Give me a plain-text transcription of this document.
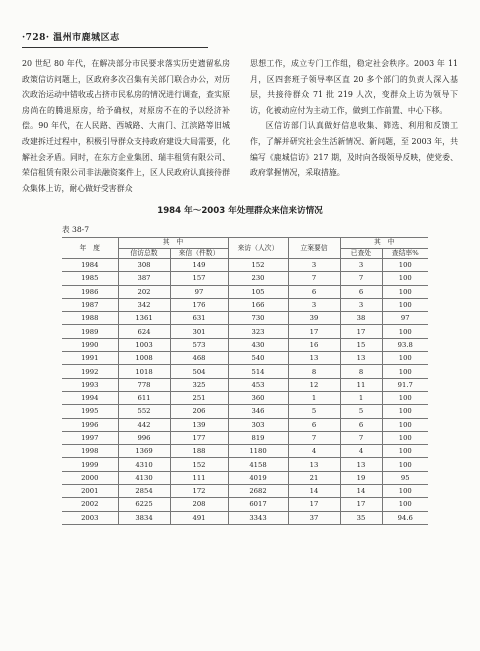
·728· 温州市鹿城区志

20 世纪 80 年代，在解决部分市民要求落实历史遗留私房政策信访问题上，区政府多次召集有关部门联合办公，对历次政治运动中错收或占挤市民私房的情况进行调查，查实原房尚在的腾退原房，给予确权，对原房不在的予以经济补偿。90 年代，在人民路、西城路、大南门、江滨路等旧城改建拆迁过程中，积极引导群众支持政府建设大局需要，化解社会矛盾。同时，在东方企业集团、瑞丰租赁有限公司、荣信租赁有限公司非法融资案件上，区人民政府认真接待群众集体上访，耐心做好受害群众

思想工作，成立专门工作组，稳定社会秩序。2003 年 11 月，区四套班子领导率区直 20 多个部门的负责人深入基层，共接待群众 71 批 219 人次，变群众上访为领导下访，化被动应付为主动工作，做到工作前置、中心下移。

区信访部门认真做好信息收集、筛选、利用和反馈工作，了解并研究社会生活新情况、新问题，至 2003 年，共编写《鹿城信访》217 期，及时向各级领导反映，使党委、政府掌握情况，采取措施。

1984 年～2003 年处理群众来信来访情况
表 38-7
年　度	其　中		来访（人次）	立案要信	其　中	
	信访总数	来信（件数）			已查处	查结率%
1984	308	149	152	3	3	100
1985	387	157	230	7	7	100
1986	202	97	105	6	6	100
1987	342	176	166	3	3	100
1988	1361	631	730	39	38	97
1989	624	301	323	17	17	100
1990	1003	573	430	16	15	93.8
1991	1008	468	540	13	13	100
1992	1018	504	514	8	8	100
1993	778	325	453	12	11	91.7
1994	611	251	360	1	1	100
1995	552	206	346	5	5	100
1996	442	139	303	6	6	100
1997	996	177	819	7	7	100
1998	1369	188	1180	4	4	100
1999	4310	152	4158	13	13	100
2000	4130	111	4019	21	19	95
2001	2854	172	2682	14	14	100
2002	6225	208	6017	17	17	100
2003	3834	491	3343	37	35	94.6
